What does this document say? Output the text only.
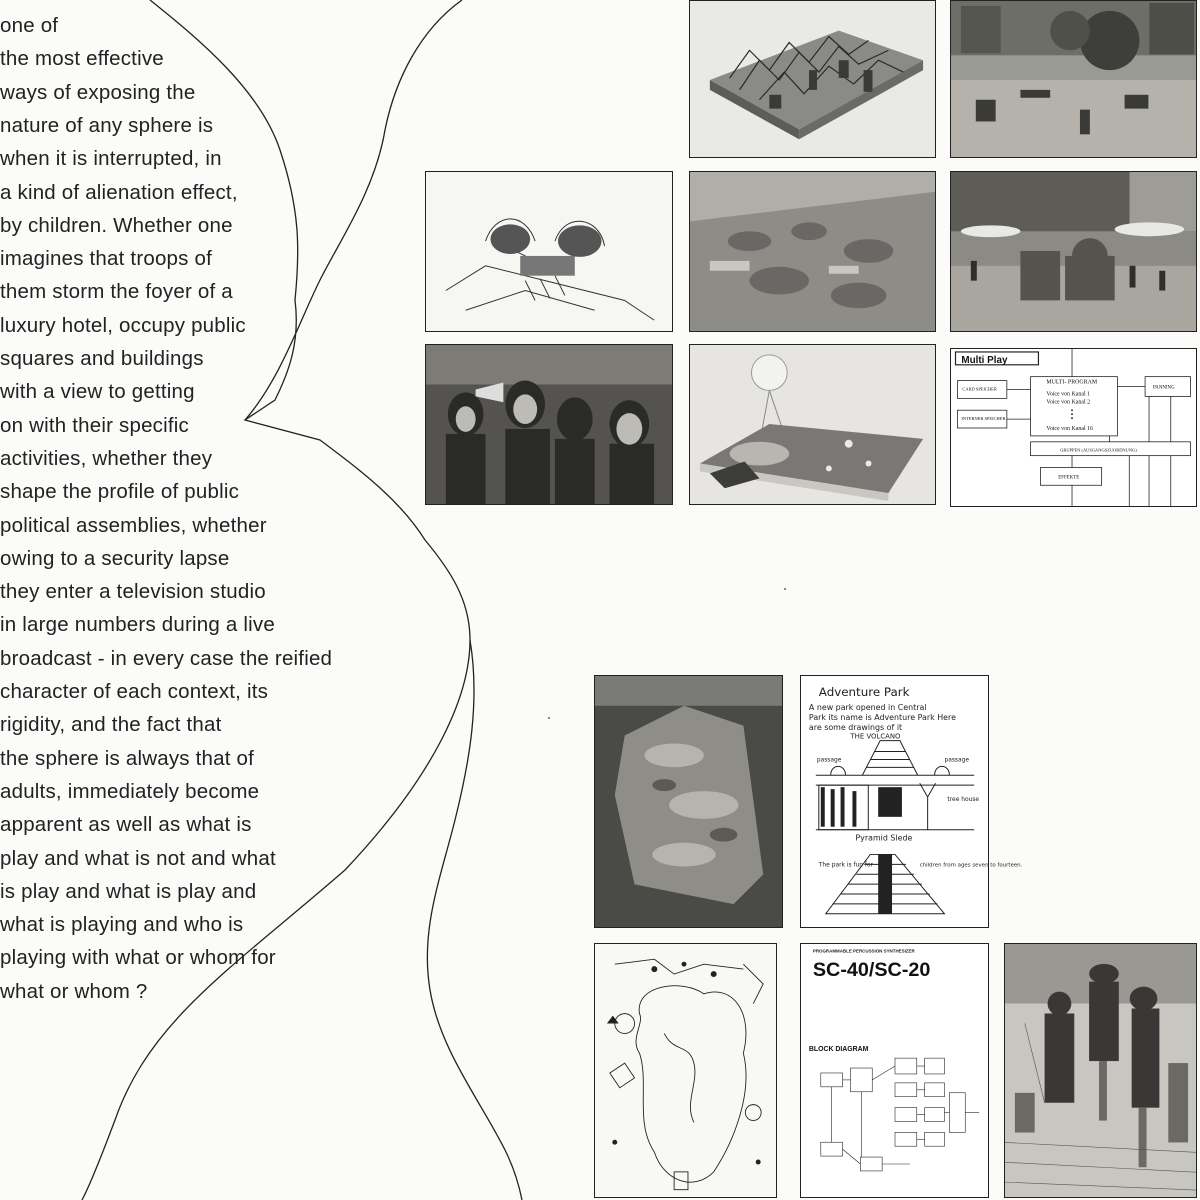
one of
the most effective
ways of exposing the
nature of any sphere is
when it is interrupted, in
a kind of alienation effect,
by children. Whether one
imagines that troops of
them storm the foyer of a
luxury hotel, occupy public
squares and buildings
with a view to getting
on with their specific
activities, whether they
shape the profile of public
political assemblies, whether
owing to a security lapse
they enter a television studio
in large numbers during a live
broadcast - in every case the reified
character of each context, its
rigidity, and the fact that
the sphere is always that of
adults, immediately become
apparent as well as what is
play and what is not and what
is play and what is play and
what is playing and who is
playing with what or whom for
what or whom ?
Multi Play
CARD SPEICHER
INTERNER SPEICHER
MULTI- PROGRAM
Voice von Kanal 1
Voice von Kanal 2
Voice von Kanal 16
PANNING
GRUPPEN (AUSGANGSZUORDNUNG)
EFFEKTE
Adventure Park
A new park opened in Central
Park its name is Adventure Park Here
are some drawings of it
THE VOLCANO
passage	passage
tree house
Pyramid Slede
The park is fun for	children from ages seven to fourteen.
PROGRAMMABLE PERCUSSION SYNTHESIZER
SC-40/SC-20
BLOCK DIAGRAM
